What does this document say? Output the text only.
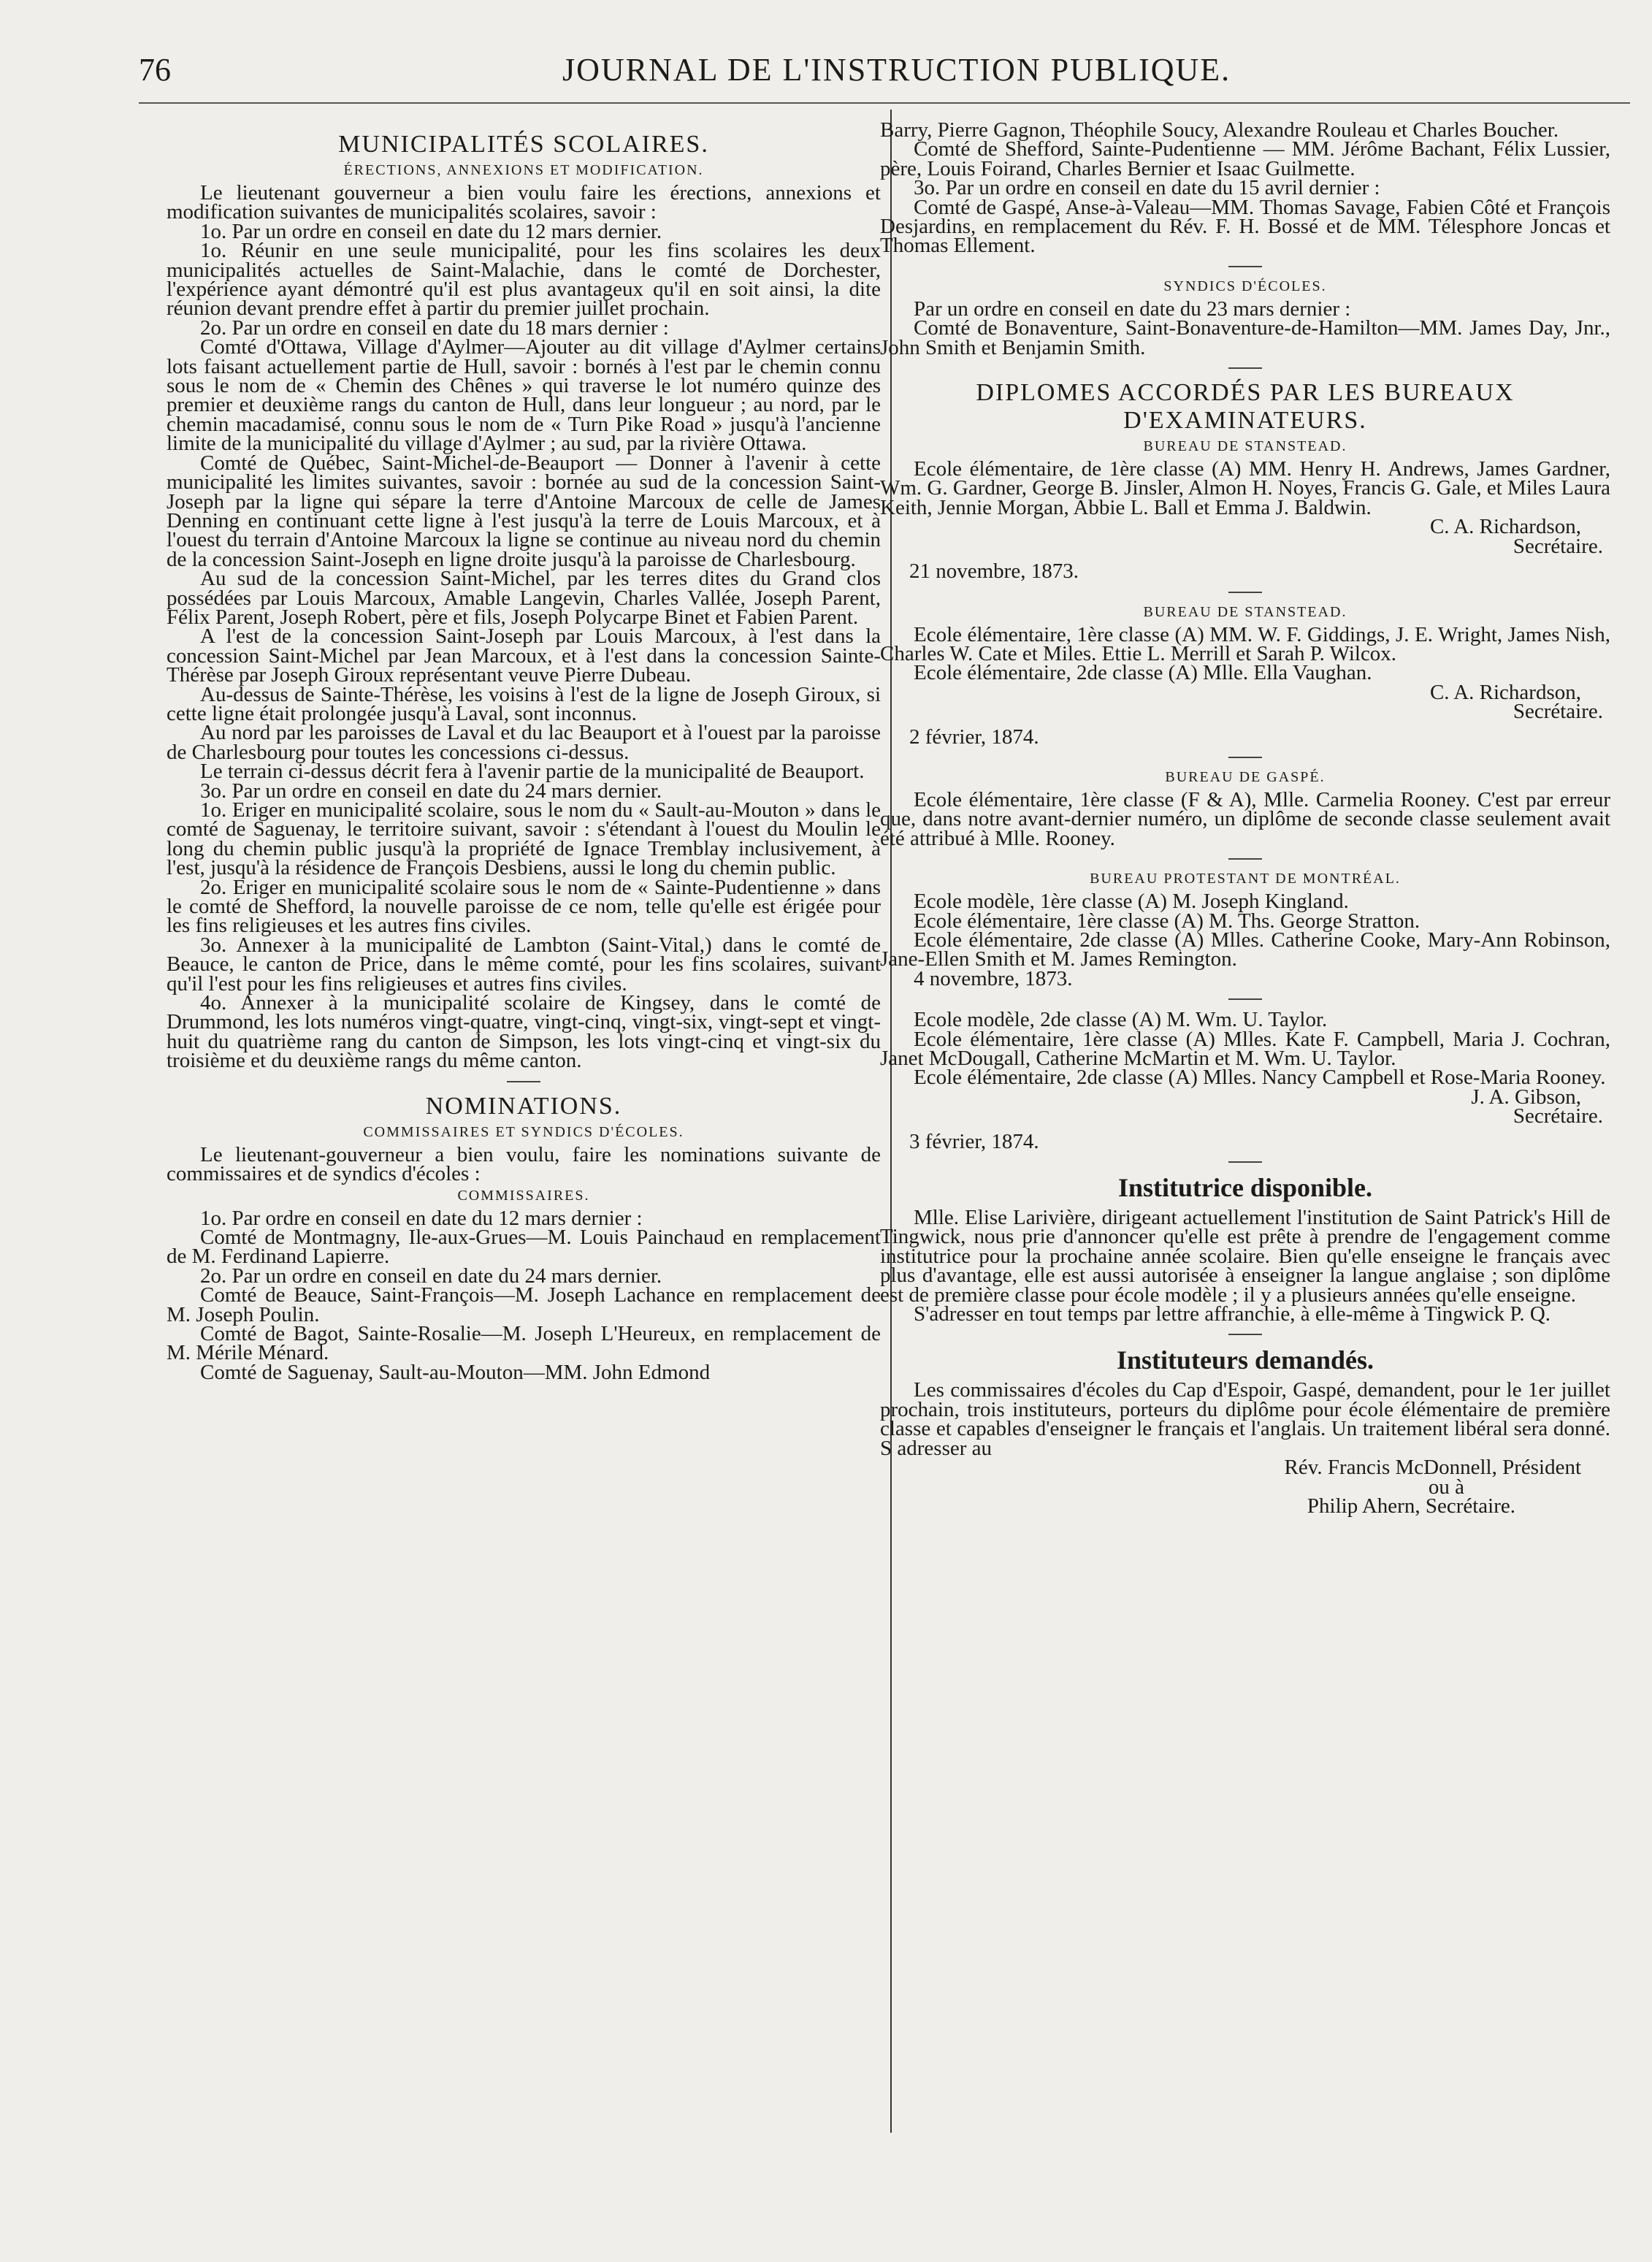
76	JOURNAL DE L'INSTRUCTION PUBLIQUE.
MUNICIPALITÉS SCOLAIRES.
ÉRECTIONS, ANNEXIONS ET MODIFICATION.

Le lieutenant gouverneur a bien voulu faire les érections, annexions et modification suivantes de municipalités scolaires, savoir :

1o. Par un ordre en conseil en date du 12 mars dernier.

1o. Réunir en une seule municipalité, pour les fins scolaires les deux municipalités actuelles de Saint-Malachie, dans le comté de Dorchester, l'expérience ayant démontré qu'il est plus avantageux qu'il en soit ainsi, la dite réunion devant prendre effet à partir du premier juillet prochain.

2o. Par un ordre en conseil en date du 18 mars dernier :

Comté d'Ottawa, Village d'Aylmer—Ajouter au dit village d'Aylmer certains lots faisant actuellement partie de Hull, savoir : bornés à l'est par le chemin connu sous le nom de « Chemin des Chênes » qui traverse le lot numéro quinze des premier et deuxième rangs du canton de Hull, dans leur longueur ; au nord, par le chemin macadamisé, connu sous le nom de « Turn Pike Road » jusqu'à l'ancienne limite de la municipalité du village d'Aylmer ; au sud, par la rivière Ottawa.

Comté de Québec, Saint-Michel-de-Beauport — Donner à l'avenir à cette municipalité les limites suivantes, savoir : bornée au sud de la concession Saint-Joseph par la ligne qui sépare la terre d'Antoine Marcoux de celle de James Denning en continuant cette ligne à l'est jusqu'à la terre de Louis Marcoux, et à l'ouest du terrain d'Antoine Marcoux la ligne se continue au niveau nord du chemin de la concession Saint-Joseph en ligne droite jusqu'à la paroisse de Charlesbourg.

Au sud de la concession Saint-Michel, par les terres dites du Grand clos possédées par Louis Marcoux, Amable Langevin, Charles Vallée, Joseph Parent, Félix Parent, Joseph Robert, père et fils, Joseph Polycarpe Binet et Fabien Parent.

A l'est de la concession Saint-Joseph par Louis Marcoux, à l'est dans la concession Saint-Michel par Jean Marcoux, et à l'est dans la concession Sainte-Thérèse par Joseph Giroux représentant veuve Pierre Dubeau.

Au-dessus de Sainte-Thérèse, les voisins à l'est de la ligne de Joseph Giroux, si cette ligne était prolongée jusqu'à Laval, sont inconnus.

Au nord par les paroisses de Laval et du lac Beauport et à l'ouest par la paroisse de Charlesbourg pour toutes les concessions ci-dessus.

Le terrain ci-dessus décrit fera à l'avenir partie de la municipalité de Beauport.

3o. Par un ordre en conseil en date du 24 mars dernier.

1o. Eriger en municipalité scolaire, sous le nom du « Sault-au-Mouton » dans le comté de Saguenay, le territoire suivant, savoir : s'étendant à l'ouest du Moulin le long du chemin public jusqu'à la propriété de Ignace Tremblay inclusivement, à l'est, jusqu'à la résidence de François Desbiens, aussi le long du chemin public.

2o. Eriger en municipalité scolaire sous le nom de « Sainte-Pudentienne » dans le comté de Shefford, la nouvelle paroisse de ce nom, telle qu'elle est érigée pour les fins religieuses et les autres fins civiles.

3o. Annexer à la municipalité de Lambton (Saint-Vital,) dans le comté de Beauce, le canton de Price, dans le même comté, pour les fins scolaires, suivant qu'il l'est pour les fins religieuses et autres fins civiles.

4o. Annexer à la municipalité scolaire de Kingsey, dans le comté de Drummond, les lots numéros vingt-quatre, vingt-cinq, vingt-six, vingt-sept et vingt-huit du quatrième rang du canton de Simpson, les lots vingt-cinq et vingt-six du troisième et du deuxième rangs du même canton.

NOMINATIONS.
COMMISSAIRES ET SYNDICS D'ÉCOLES.

Le lieutenant-gouverneur a bien voulu, faire les nominations suivante de commissaires et de syndics d'écoles :

COMMISSAIRES.

1o. Par ordre en conseil en date du 12 mars dernier :

Comté de Montmagny, Ile-aux-Grues—M. Louis Painchaud en remplacement de M. Ferdinand Lapierre.

2o. Par un ordre en conseil en date du 24 mars dernier.

Comté de Beauce, Saint-François—M. Joseph Lachance en remplacement de M. Joseph Poulin.

Comté de Bagot, Sainte-Rosalie—M. Joseph L'Heureux, en remplacement de M. Mérile Ménard.

Comté de Saguenay, Sault-au-Mouton—MM. John Edmond

Barry, Pierre Gagnon, Théophile Soucy, Alexandre Rouleau et Charles Boucher.

Comté de Shefford, Sainte-Pudentienne — MM. Jérôme Bachant, Félix Lussier, père, Louis Foirand, Charles Bernier et Isaac Guilmette.

3o. Par un ordre en conseil en date du 15 avril dernier :

Comté de Gaspé, Anse-à-Valeau—MM. Thomas Savage, Fabien Côté et François Desjardins, en remplacement du Rév. F. H. Bossé et de MM. Télesphore Joncas et Thomas Ellement.

SYNDICS D'ÉCOLES.

Par un ordre en conseil en date du 23 mars dernier :

Comté de Bonaventure, Saint-Bonaventure-de-Hamilton—MM. James Day, Jnr., John Smith et Benjamin Smith.

DIPLOMES ACCORDÉS PAR LES BUREAUX D'EXAMINATEURS.
BUREAU DE STANSTEAD.

Ecole élémentaire, de 1ère classe (A) MM. Henry H. Andrews, James Gardner, Wm. G. Gardner, George B. Jinsler, Almon H. Noyes, Francis G. Gale, et Miles Laura Keith, Jennie Morgan, Abbie L. Ball et Emma J. Baldwin.

C. A. Richardson,

Secrétaire.

21 novembre, 1873.

BUREAU DE STANSTEAD.

Ecole élémentaire, 1ère classe (A) MM. W. F. Giddings, J. E. Wright, James Nish, Charles W. Cate et Miles. Ettie L. Merrill et Sarah P. Wilcox.

Ecole élémentaire, 2de classe (A) Mlle. Ella Vaughan.

C. A. Richardson,

Secrétaire.

2 février, 1874.

BUREAU DE GASPÉ.

Ecole élémentaire, 1ère classe (F & A), Mlle. Carmelia Rooney. C'est par erreur que, dans notre avant-dernier numéro, un diplôme de seconde classe seulement avait été attribué à Mlle. Rooney.

BUREAU PROTESTANT DE MONTRÉAL.

Ecole modèle, 1ère classe (A) M. Joseph Kingland.

Ecole élémentaire, 1ère classe (A) M. Ths. George Stratton.

Ecole élémentaire, 2de classe (A) Mlles. Catherine Cooke, Mary-Ann Robinson, Jane-Ellen Smith et M. James Remington.

4 novembre, 1873.

Ecole modèle, 2de classe (A) M. Wm. U. Taylor.

Ecole élémentaire, 1ère classe (A) Mlles. Kate F. Campbell, Maria J. Cochran, Janet McDougall, Catherine McMartin et M. Wm. U. Taylor.

Ecole élémentaire, 2de classe (A) Mlles. Nancy Campbell et Rose-Maria Rooney.

J. A. Gibson,

Secrétaire.

3 février, 1874.

Institutrice disponible.

Mlle. Elise Larivière, dirigeant actuellement l'institution de Saint Patrick's Hill de Tingwick, nous prie d'annoncer qu'elle est prête à prendre de l'engagement comme institutrice pour la prochaine année scolaire. Bien qu'elle enseigne le français avec plus d'avantage, elle est aussi autorisée à enseigner la langue anglaise ; son diplôme est de première classe pour école modèle ; il y a plusieurs années qu'elle enseigne.

S'adresser en tout temps par lettre affranchie, à elle-même à Tingwick P. Q.

Instituteurs demandés.

Les commissaires d'écoles du Cap d'Espoir, Gaspé, demandent, pour le 1er juillet prochain, trois instituteurs, porteurs du diplôme pour école élémentaire de première classe et capables d'enseigner le français et l'anglais. Un traitement libéral sera donné. S adresser au

Rév. Francis McDonnell, Président

ou à

Philip Ahern, Secrétaire.
